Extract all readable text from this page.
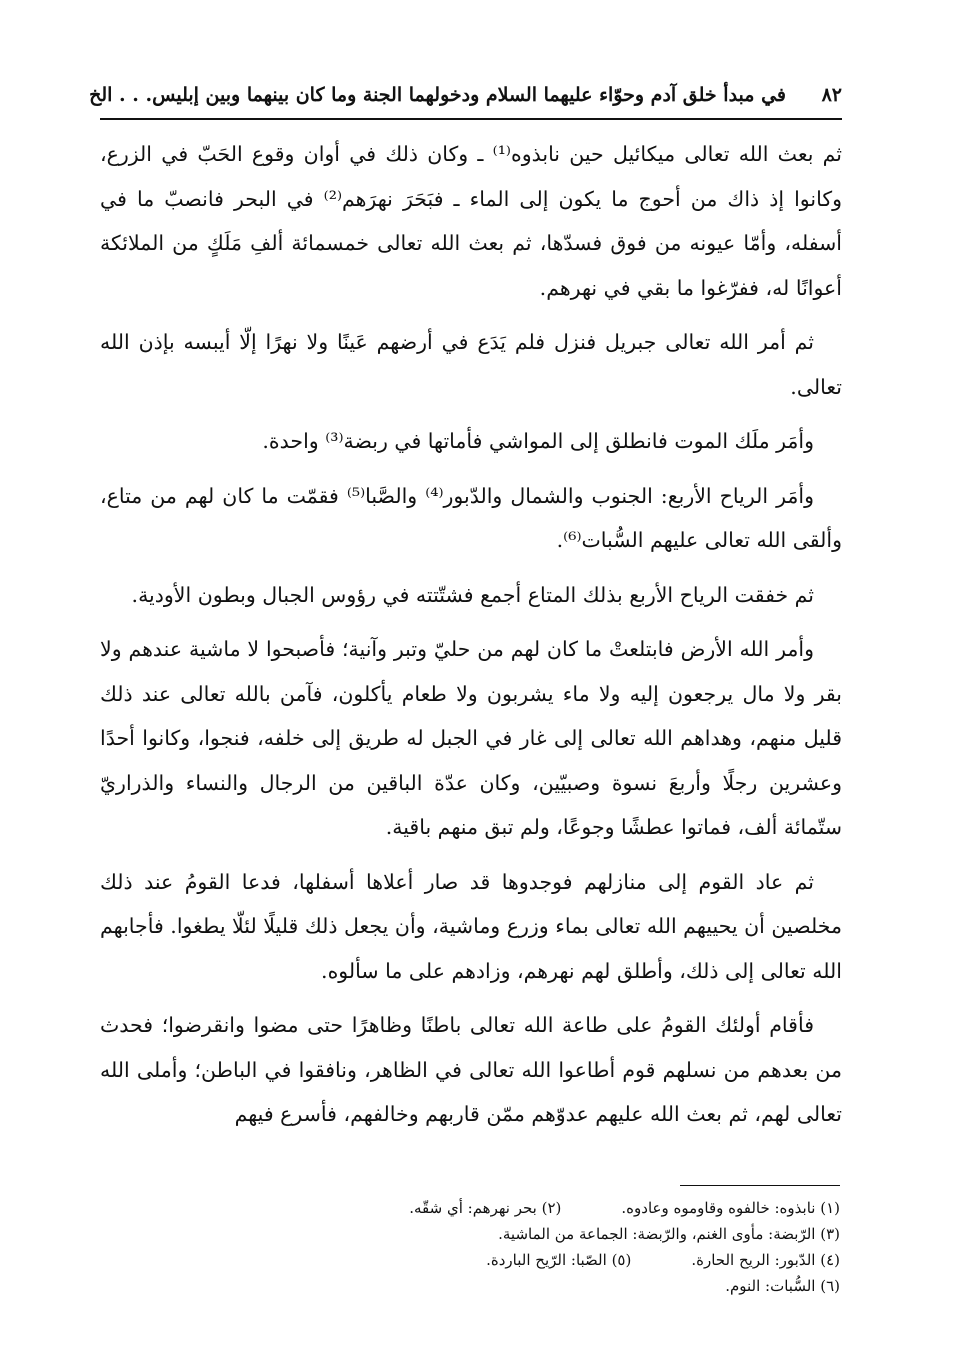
٨٢
في مبدأ خلق آدم وحوّاء عليهما السلام ودخولهما الجنة وما كان بينهما وبين إبليس. . . الخ

ثم بعث الله تعالى ميكائيل حين نابذوه⁽¹⁾ ـ وكان ذلك في أوان وقوع الحَبّ في الزرع، وكانوا إذ ذاك من أحوج ما يكون إلى الماء ـ فبَحَرَ نهرَهم⁽²⁾ في البحر فانصبّ ما في أسفله، وأمّا عيونه من فوق فسدّها، ثم بعث الله تعالى خمسمائة ألفِ مَلَكٍ من الملائكة أعوانًا له، ففرّغوا ما بقي في نهرهم.

ثم أمر الله تعالى جبريل فنزل فلم يَدَع في أرضهم عَينًا ولا نهرًا إلّا أيبسه بإذن الله تعالى.

وأمَر ملَك الموت فانطلق إلى المواشي فأماتها في ربضة⁽³⁾ واحدة.

وأمَر الرياح الأربع: الجنوب والشمال والدّبور⁽⁴⁾ والصَّبا⁽⁵⁾ فقمّت ما كان لهم من متاع، وألقى الله تعالى عليهم السُّبات⁽⁶⁾.

ثم خفقت الرياح الأربع بذلك المتاع أجمع فشتّتته في رؤوس الجبال وبطون الأودية.

وأمر الله الأرض فابتلعتْ ما كان لهم من حليّ وتبر وآنية؛ فأصبحوا لا ماشية عندهم ولا بقر ولا مال يرجعون إليه ولا ماء يشربون ولا طعام يأكلون، فآمن بالله تعالى عند ذلك قليل منهم، وهداهم الله تعالى إلى غار في الجبل له طريق إلى خلفه، فنجوا، وكانوا أحدًا وعشرين رجلًا وأربعَ نسوة وصبيّين، وكان عدّة الباقين من الرجال والنساء والذراريّ ستّمائة ألف، فماتوا عطشًا وجوعًا، ولم تبق منهم باقية.

ثم عاد القوم إلى منازلهم فوجدوها قد صار أعلاها أسفلها، فدعا القومُ عند ذلك مخلصين أن يحييهم الله تعالى بماء وزرع وماشية، وأن يجعل ذلك قليلًا لئلّا يطغوا. فأجابهم الله تعالى إلى ذلك، وأطلق لهم نهرهم، وزادهم على ما سألوه.

فأقام أولئك القومُ على طاعة الله تعالى باطنًا وظاهرًا حتى مضوا وانقرضوا؛ فحدث من بعدهم من نسلهم قوم أطاعوا الله تعالى في الظاهر، ونافقوا في الباطن؛ وأملى الله تعالى لهم، ثم بعث الله عليهم عدوّهم ممّن قاربهم وخالفهم، فأسرع فيهم

(١) نابذوه: خالفوه وقاوموه وعادوه.
(٢) بحر نهرهم: أي شقّه.
(٣) الرّبضة: مأوى الغنم، والرّبضة: الجماعة من الماشية.
(٤) الدّبور: الريح الحارة.
(٥) الصّبا: الرّيح الباردة.
(٦) السُّبات: النوم.
